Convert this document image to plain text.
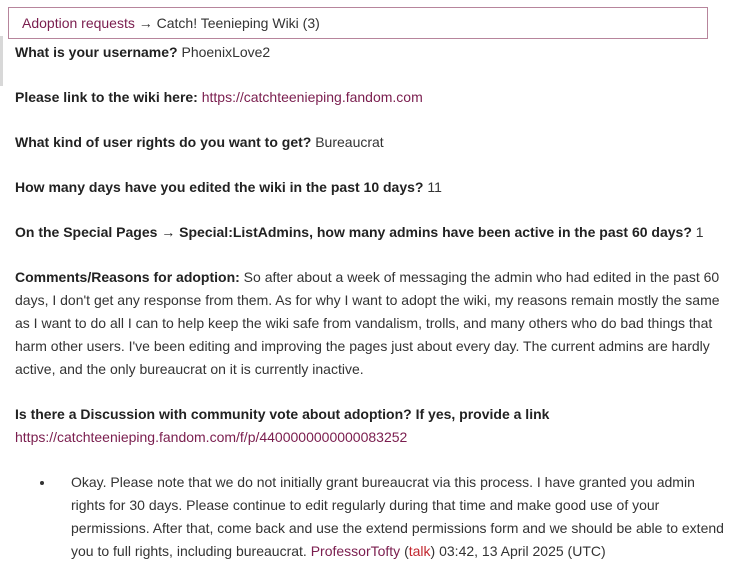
Adoption requests → Catch! Teenieping Wiki (3)
What is your username? PhoenixLove2
Please link to the wiki here: https://catchteenieping.fandom.com
What kind of user rights do you want to get? Bureaucrat
How many days have you edited the wiki in the past 10 days? 11
On the Special Pages → Special:ListAdmins, how many admins have been active in the past 60 days? 1
Comments/Reasons for adoption: So after about a week of messaging the admin who had edited in the past 60 days, I don't get any response from them. As for why I want to adopt the wiki, my reasons remain mostly the same as I want to do all I can to help keep the wiki safe from vandalism, trolls, and many others who do bad things that harm other users. I've been editing and improving the pages just about every day. The current admins are hardly active, and the only bureaucrat on it is currently inactive.
Is there a Discussion with community vote about adoption? If yes, provide a link
https://catchteenieping.fandom.com/f/p/4400000000000083252
• Okay. Please note that we do not initially grant bureaucrat via this process. I have granted you admin rights for 30 days. Please continue to edit regularly during that time and make good use of your permissions. After that, come back and use the extend permissions form and we should be able to extend you to full rights, including bureaucrat. ProfessorTofty (talk) 03:42, 13 April 2025 (UTC)
